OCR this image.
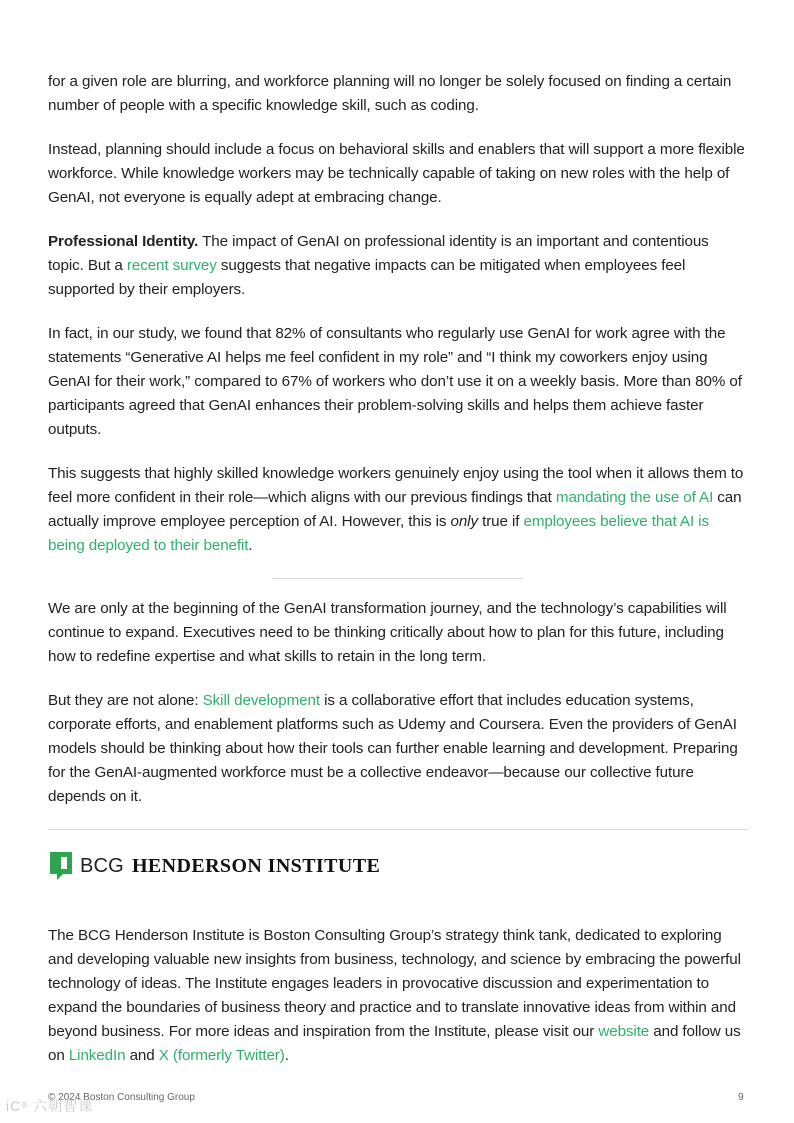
for a given role are blurring, and workforce planning will no longer be solely focused on finding a certain number of people with a specific knowledge skill, such as coding.

Instead, planning should include a focus on behavioral skills and enablers that will support a more flexible workforce. While knowledge workers may be technically capable of taking on new roles with the help of GenAI, not everyone is equally adept at embracing change.

Professional Identity. The impact of GenAI on professional identity is an important and contentious topic. But a recent survey suggests that negative impacts can be mitigated when employees feel supported by their employers.

In fact, in our study, we found that 82% of consultants who regularly use GenAI for work agree with the statements “Generative AI helps me feel confident in my role” and “I think my coworkers enjoy using GenAI for their work,” compared to 67% of workers who don’t use it on a weekly basis. More than 80% of participants agreed that GenAI enhances their problem-solving skills and helps them achieve faster outputs.

This suggests that highly skilled knowledge workers genuinely enjoy using the tool when it allows them to feel more confident in their role—which aligns with our previous findings that mandating the use of AI can actually improve employee perception of AI. However, this is only true if employees believe that AI is being deployed to their benefit.

We are only at the beginning of the GenAI transformation journey, and the technology’s capabilities will continue to expand. Executives need to be thinking critically about how to plan for this future, including how to redefine expertise and what skills to retain in the long term.

But they are not alone: Skill development is a collaborative effort that includes education systems, corporate efforts, and enablement platforms such as Udemy and Coursera. Even the providers of GenAI models should be thinking about how their tools can further enable learning and development. Preparing for the GenAI-augmented workforce must be a collective endeavor—because our collective future depends on it.

BCG HENDERSON INSTITUTE

The BCG Henderson Institute is Boston Consulting Group’s strategy think tank, dedicated to exploring and developing valuable new insights from business, technology, and science by embracing the powerful technology of ideas. The Institute engages leaders in provocative discussion and experimentation to expand the boundaries of business theory and practice and to translate innovative ideas from within and beyond business. For more ideas and inspiration from the Institute, please visit our website and follow us on LinkedIn and X (formerly Twitter).

© 2024 Boston Consulting Group	9
iC⁹ 六朝智课
